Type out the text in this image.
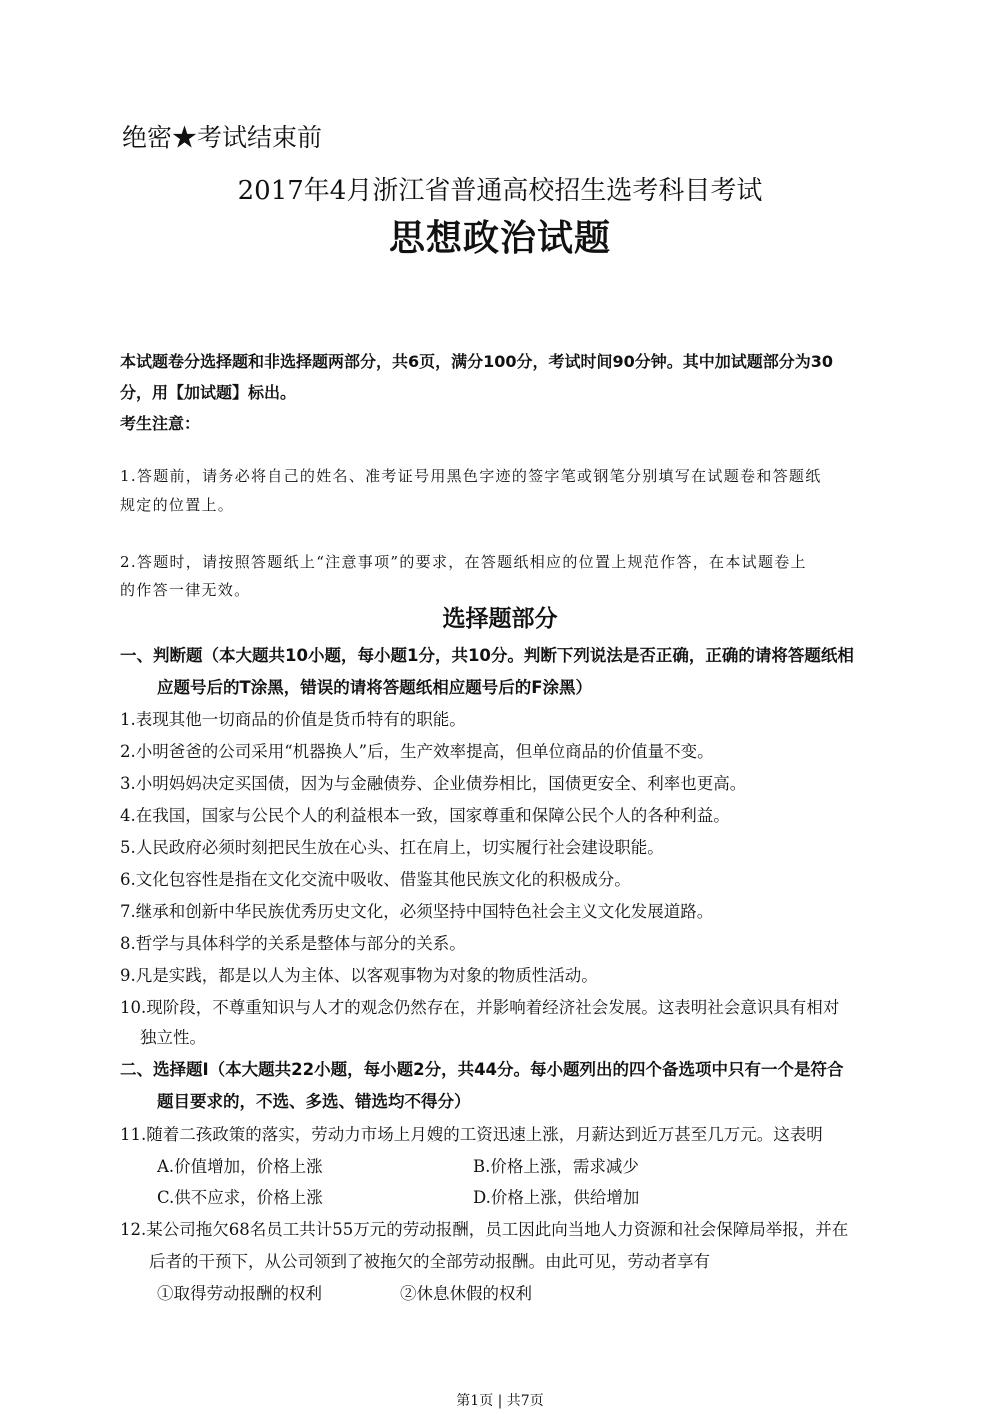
绝密★考试结束前
2017年4月浙江省普通高校招生选考科目考试
思想政治试题
本试题卷分选择题和非选择题两部分，共6页，满分100分，考试时间90分钟。其中加试题部分为30
分，用【加试题】标出。
考生注意：
1.答题前，请务必将自己的姓名、准考证号用黑色字迹的签字笔或钢笔分别填写在试题卷和答题纸
规定的位置上。
2.答题时，请按照答题纸上“注意事项”的要求，在答题纸相应的位置上规范作答，在本试题卷上
的作答一律无效。
选择题部分
一、判断题（本大题共10小题，每小题1分，共10分。判断下列说法是否正确，正确的请将答题纸相
应题号后的T涂黑，错误的请将答题纸相应题号后的F涂黑）
1.表现其他一切商品的价值是货币特有的职能。
2.小明爸爸的公司采用“机器换人”后，生产效率提高，但单位商品的价值量不变。
3.小明妈妈决定买国债，因为与金融债券、企业债券相比，国债更安全、利率也更高。
4.在我国，国家与公民个人的利益根本一致，国家尊重和保障公民个人的各种利益。
5.人民政府必须时刻把民生放在心头、扛在肩上，切实履行社会建设职能。
6.文化包容性是指在文化交流中吸收、借鉴其他民族文化的积极成分。
7.继承和创新中华民族优秀历史文化，必须坚持中国特色社会主义文化发展道路。
8.哲学与具体科学的关系是整体与部分的关系。
9.凡是实践，都是以人为主体、以客观事物为对象的物质性活动。
10.现阶段，不尊重知识与人才的观念仍然存在，并影响着经济社会发展。这表明社会意识具有相对
独立性。
二、选择题Ⅰ（本大题共22小题，每小题2分，共44分。每小题列出的四个备选项中只有一个是符合
题目要求的，不选、多选、错选均不得分）
11.随着二孩政策的落实，劳动力市场上月嫂的工资迅速上涨，月薪达到近万甚至几万元。这表明
A.价值增加，价格上涨	B.价格上涨，需求减少
C.供不应求，价格上涨	D.价格上涨，供给增加
12.某公司拖欠68名员工共计55万元的劳动报酬，员工因此向当地人力资源和社会保障局举报，并在
后者的干预下，从公司领到了被拖欠的全部劳动报酬。由此可见，劳动者享有
①取得劳动报酬的权利	②休息休假的权利
第1页 | 共7页
